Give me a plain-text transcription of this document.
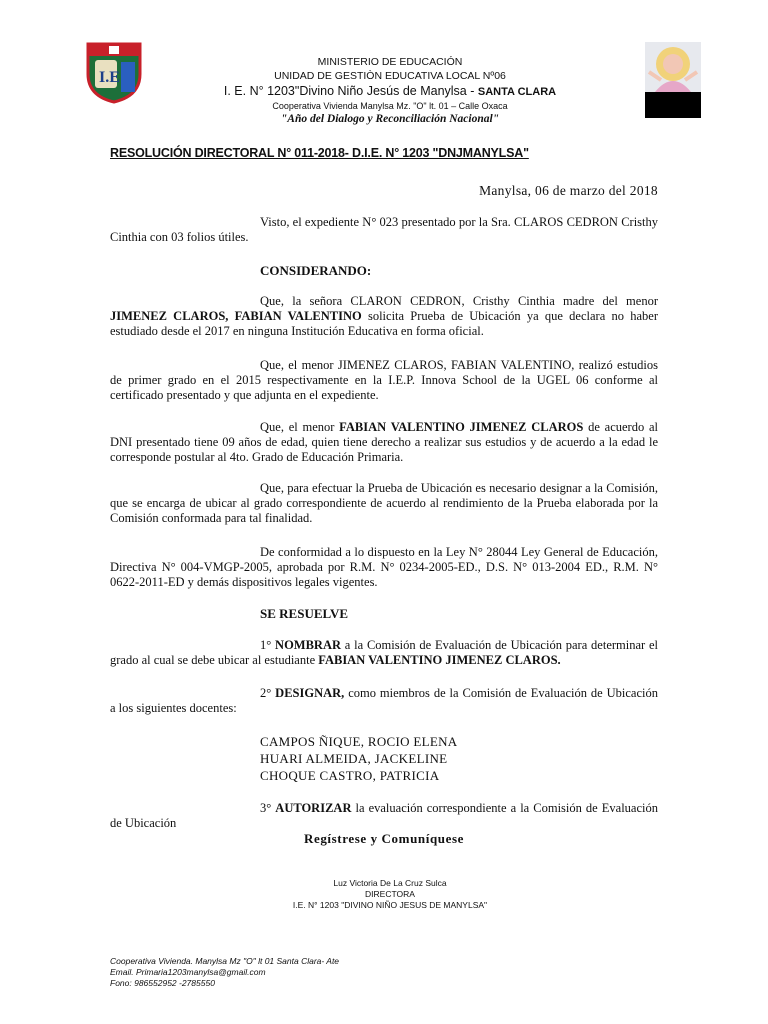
I.E
MINISTERIO DE EDUCACIÓN
UNIDAD DE GESTIÒN EDUCATIVA LOCAL Nº06
I. E. N° 1203"Divino Niño Jesús de Manylsa - SANTA CLARA
Cooperativa Vivienda Manylsa Mz. "O" lt. 01 – Calle Oxaca
"Año del Dialogo y Reconciliación Nacional"
RESOLUCIÓN DIRECTORAL N° 011-2018- D.I.E. N° 1203 "DNJMANYLSA"
Manylsa, 06 de marzo del 2018
Visto, el expediente N° 023 presentado por la Sra. CLAROS CEDRON Cristhy Cinthia con 03 folios útiles.
CONSIDERANDO:
Que, la señora CLARON CEDRON, Cristhy Cinthia madre del menor JIMENEZ CLAROS, FABIAN VALENTINO solicita Prueba de Ubicación ya que declara no haber estudiado desde el 2017 en ninguna Institución Educativa en forma oficial.
Que, el menor JIMENEZ CLAROS, FABIAN VALENTINO, realizó estudios de primer grado en el 2015 respectivamente en la I.E.P. Innova School de la UGEL 06 conforme al certificado presentado y que adjunta en el expediente.
Que, el menor FABIAN VALENTINO JIMENEZ CLAROS de acuerdo al DNI presentado tiene 09 años de edad, quien tiene derecho a realizar sus estudios y de acuerdo a la edad le corresponde postular al 4to. Grado de Educación Primaria.
Que, para efectuar la Prueba de Ubicación es necesario designar a la Comisión, que se encarga de ubicar al grado correspondiente de acuerdo al rendimiento de la Prueba elaborada por la Comisión conformada para tal finalidad.
De conformidad a lo dispuesto en la Ley N° 28044 Ley General de Educación, Directiva N° 004-VMGP-2005, aprobada por R.M. N° 0234-2005-ED., D.S. N° 013-2004 ED., R.M. N° 0622-2011-ED y demás dispositivos legales vigentes.
SE RESUELVE
1° NOMBRAR a la Comisión de Evaluación de Ubicación para determinar el grado al cual se debe ubicar al estudiante FABIAN VALENTINO JIMENEZ CLAROS.
2° DESIGNAR, como miembros de la Comisión de Evaluación de Ubicación a los siguientes docentes:
CAMPOS ÑIQUE, ROCIO ELENA
HUARI ALMEIDA, JACKELINE
CHOQUE CASTRO, PATRICIA
3° AUTORIZAR la evaluación correspondiente a la Comisión de Evaluación de Ubicación
Regístrese y Comuníquese
Luz Victoria De La Cruz Sulca
DIRECTORA
I.E. N° 1203 "DIVINO NIÑO JESUS DE MANYLSA"
Cooperativa Vivienda. Manylsa Mz "O" lt 01 Santa Clara- Ate
Email. Primaria1203manylsa@gmail.com
Fono: 986552952 -2785550
